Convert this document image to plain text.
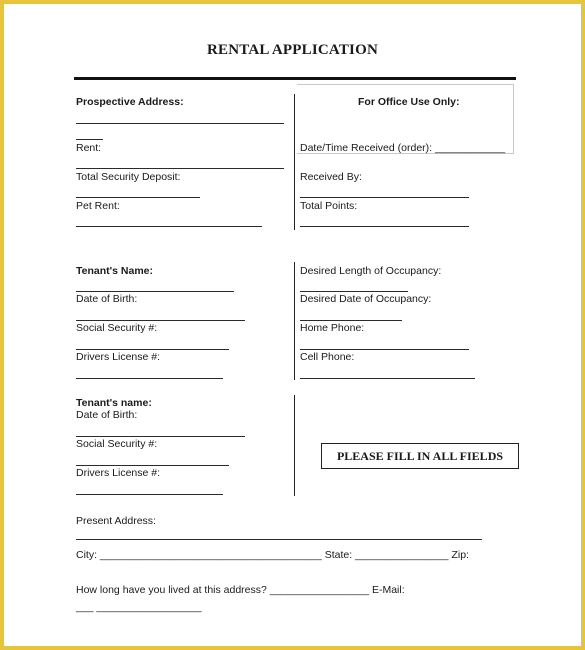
RENTAL APPLICATION
Prospective Address:
Rent:
Total Security Deposit:
Pet Rent:
For Office Use Only:
Date/Time Received (order): ____________
Received By:
Total Points:
Tenant's Name:
Date of Birth:
Social Security #:
Drivers License #:
Desired Length of Occupancy:
Desired Date of Occupancy:
Home Phone:
Cell Phone:
Tenant's name:
Date of Birth:
Social Security #:
Drivers License #:
PLEASE FILL IN ALL FIELDS
Present Address:
City: ______________________________________ State: ________________ Zip:
How long have you lived at this address? _________________ E-Mail:
___ __________________
